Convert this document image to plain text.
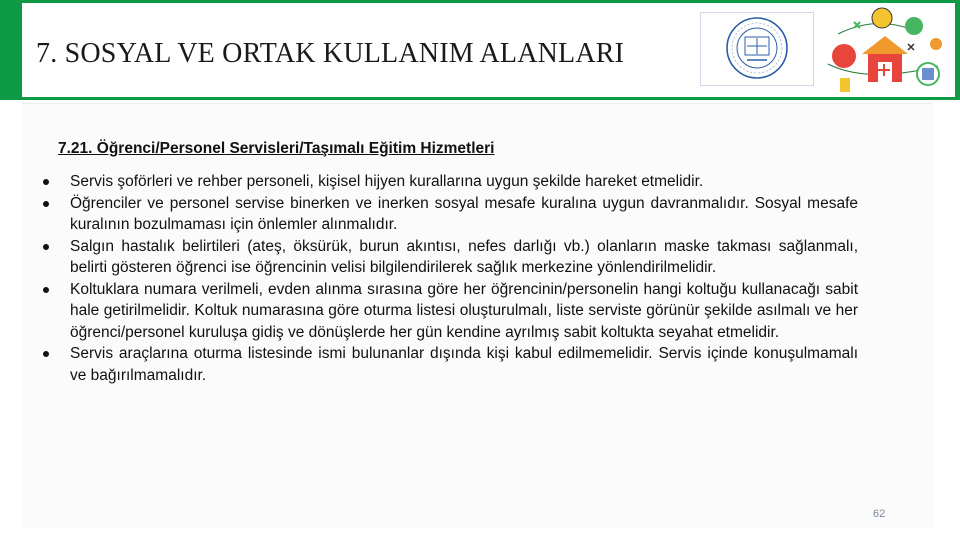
7. SOSYAL VE ORTAK KULLANIM ALANLARI
7.21. Öğrenci/Personel Servisleri/Taşımalı Eğitim Hizmetleri
Servis şoförleri ve rehber personeli, kişisel hijyen kurallarına uygun şekilde hareket etmelidir.
Öğrenciler ve personel servise binerken ve inerken sosyal mesafe kuralına uygun davranmalıdır. Sosyal mesafe kuralının bozulmaması için önlemler alınmalıdır.
Salgın hastalık belirtileri (ateş, öksürük, burun akıntısı, nefes darlığı vb.) olanların maske takması sağlanmalı, belirti gösteren öğrenci ise öğrencinin velisi bilgilendirilerek sağlık merkezine yönlendirilmelidir.
Koltuklara numara verilmeli, evden alınma sırasına göre her öğrencinin/personelin hangi koltuğu kullanacağı sabit hale getirilmelidir. Koltuk numarasına göre oturma listesi oluşturulmalı, liste serviste görünür şekilde asılmalı ve her öğrenci/personel kuruluşa gidiş ve dönüşlerde her gün kendine ayrılmış sabit koltukta seyahat etmelidir.
Servis araçlarına oturma listesinde ismi bulunanlar dışında kişi kabul edilmemelidir. Servis içinde konuşulmamalı ve bağırılmamalıdır.
62
